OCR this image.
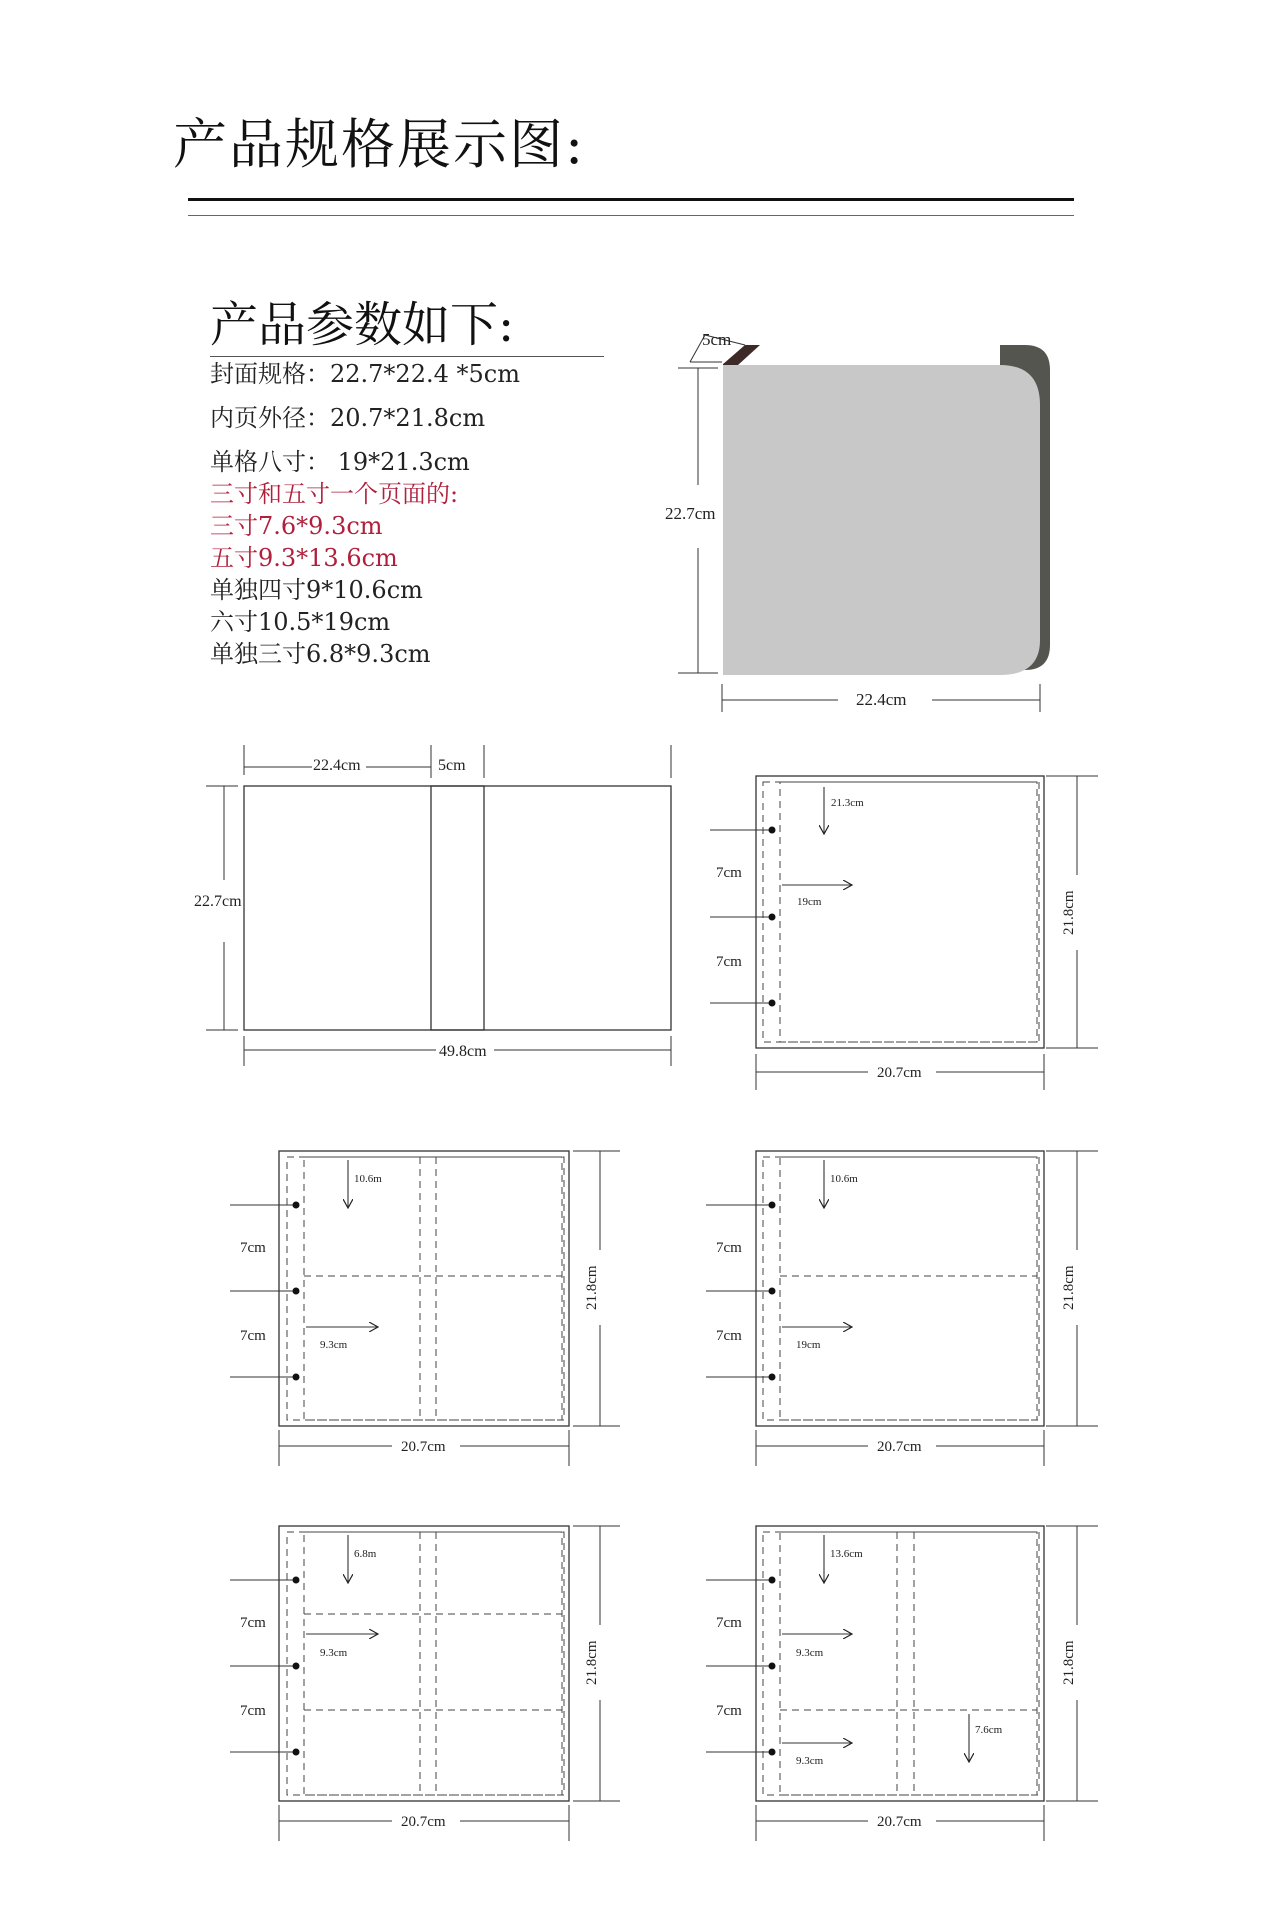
产品规格展示图:
产品参数如下:
封面规格：22.7*22.4 *5cm
内页外径：20.7*21.8cm
单格八寸： 19*21.3cm
三寸和五寸一个页面的:
三寸7.6*9.3cm
五寸9.3*13.6cm
单独四寸9*10.6cm
六寸10.5*19cm
单独三寸6.8*9.3cm
5cm
22.7cm
22.4cm
22.4cm	5cm
22.7cm
49.8cm
7cm
7cm
21.3cm
19cm	21.8cm
20.7cm
7cm
7cm
10.6m
9.3cm
21.8cm
20.7cm
7cm
7cm
10.6m
19cm
21.8cm
20.7cm
7cm
7cm
6.8m
9.3cm	21.8cm
20.7cm
7cm
7cm
13.6cm
9.3cm
7.6cm
9.3cm
21.8cm
20.7cm
